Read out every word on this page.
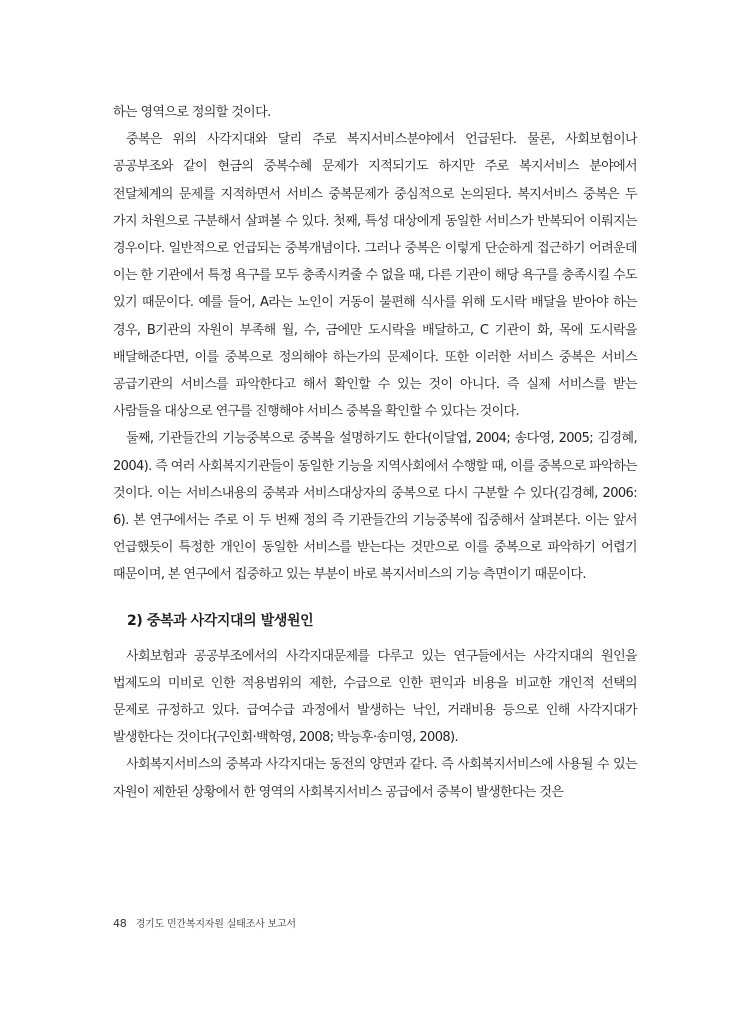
하는 영역으로 정의할 것이다.

중복은 위의 사각지대와 달리 주로 복지서비스분야에서 언급된다. 물론, 사회보험이나 공공부조와 같이 현금의 중복수혜 문제가 지적되기도 하지만 주로 복지서비스 분야에서 전달체계의 문제를 지적하면서 서비스 중복문제가 중심적으로 논의된다. 복지서비스 중복은 두 가지 차원으로 구분해서 살펴볼 수 있다. 첫째, 특성 대상에게 동일한 서비스가 반복되어 이뤄지는 경우이다. 일반적으로 언급되는 중복개념이다. 그러나 중복은 이렇게 단순하게 접근하기 어려운데 이는 한 기관에서 특정 욕구를 모두 충족시켜줄 수 없을 때, 다른 기관이 해당 욕구를 충족시킬 수도 있기 때문이다. 예를 들어, A라는 노인이 거동이 불편해 식사를 위해 도시락 배달을 받아야 하는 경우, B기관의 자원이 부족해 월, 수, 금에만 도시락을 배달하고, C 기관이 화, 목에 도시락을 배달해준다면, 이를 중복으로 정의해야 하는가의 문제이다. 또한 이러한 서비스 중복은 서비스 공급기관의 서비스를 파악한다고 해서 확인할 수 있는 것이 아니다. 즉 실제 서비스를 받는 사람들을 대상으로 연구를 진행해야 서비스 중복을 확인할 수 있다는 것이다.

둘째, 기관들간의 기능중복으로 중복을 설명하기도 한다(이달엽, 2004; 송다영, 2005; 김경혜, 2004). 즉 여러 사회복지기관들이 동일한 기능을 지역사회에서 수행할 때, 이를 중복으로 파악하는 것이다. 이는 서비스내용의 중복과 서비스대상자의 중복으로 다시 구분할 수 있다(김경혜, 2006: 6). 본 연구에서는 주로 이 두 번째 정의 즉 기관들간의 기능중복에 집중해서 살펴본다. 이는 앞서 언급했듯이 특정한 개인이 동일한 서비스를 받는다는 것만으로 이를 중복으로 파악하기 어렵기 때문이며, 본 연구에서 집중하고 있는 부분이 바로 복지서비스의 기능 측면이기 때문이다.

2) 중복과 사각지대의 발생원인

사회보험과 공공부조에서의 사각지대문제를 다루고 있는 연구들에서는 사각지대의 원인을 법제도의 미비로 인한 적용범위의 제한, 수급으로 인한 편익과 비용을 비교한 개인적 선택의 문제로 규정하고 있다. 급여수급 과정에서 발생하는 낙인, 거래비용 등으로 인해 사각지대가 발생한다는 것이다(구인회·백학영, 2008; 박능후·송미영, 2008).

사회복지서비스의 중복과 사각지대는 동전의 양면과 같다. 즉 사회복지서비스에 사용될 수 있는 자원이 제한된 상황에서 한 영역의 사회복지서비스 공급에서 중복이 발생한다는 것은

48 경기도 민간복지자원 실태조사 보고서
